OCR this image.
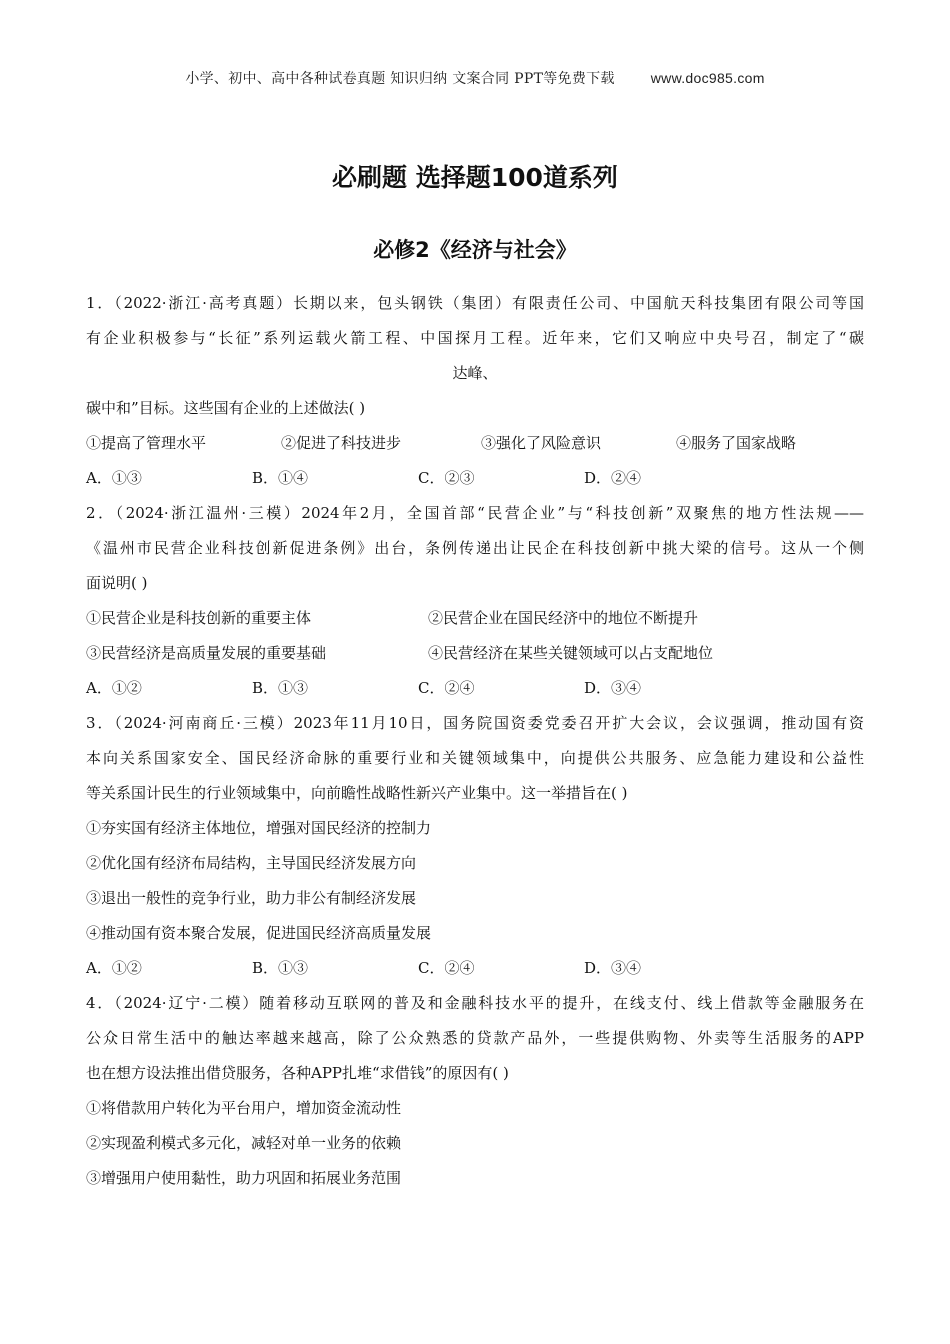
小学、初中、高中各种试卷真题 知识归纳 文案合同 PPT等免费下载	www.doc985.com
必刷题 选择题100道系列
必修2《经济与社会》
1．（2022·浙江·高考真题）长期以来，包头钢铁（集团）有限责任公司、中国航天科技集团有限公司等国
有企业积极参与“长征”系列运载火箭工程、中国探月工程。近年来，它们又响应中央号召，制定了“碳
达峰、
碳中和”目标。这些国有企业的上述做法( )
①提高了管理水平	②促进了科技进步	③强化了风险意识	④服务了国家战略
A．①③	B．①④	C．②③	D．②④
2．（2024·浙江温州·三模）2024年2月，全国首部“民营企业”与“科技创新”双聚焦的地方性法规——
《温州市民营企业科技创新促进条例》出台，条例传递出让民企在科技创新中挑大梁的信号。这从一个侧
面说明( )
①民营企业是科技创新的重要主体	②民营企业在国民经济中的地位不断提升
③民营经济是高质量发展的重要基础	④民营经济在某些关键领域可以占支配地位
A．①②	B．①③	C．②④	D．③④
3．（2024·河南商丘·三模）2023年11月10日，国务院国资委党委召开扩大会议，会议强调，推动国有资
本向关系国家安全、国民经济命脉的重要行业和关键领域集中，向提供公共服务、应急能力建设和公益性
等关系国计民生的行业领域集中，向前瞻性战略性新兴产业集中。这一举措旨在( )
①夯实国有经济主体地位，增强对国民经济的控制力
②优化国有经济布局结构，主导国民经济发展方向
③退出一般性的竞争行业，助力非公有制经济发展
④推动国有资本聚合发展，促进国民经济高质量发展
A．①②	B．①③	C．②④	D．③④
4．（2024·辽宁·二模）随着移动互联网的普及和金融科技水平的提升，在线支付、线上借款等金融服务在
公众日常生活中的触达率越来越高，除了公众熟悉的贷款产品外，一些提供购物、外卖等生活服务的APP
也在想方设法推出借贷服务，各种APP扎堆“求借钱”的原因有( )
①将借款用户转化为平台用户，增加资金流动性
②实现盈利模式多元化，减轻对单一业务的依赖
③增强用户使用黏性，助力巩固和拓展业务范围
